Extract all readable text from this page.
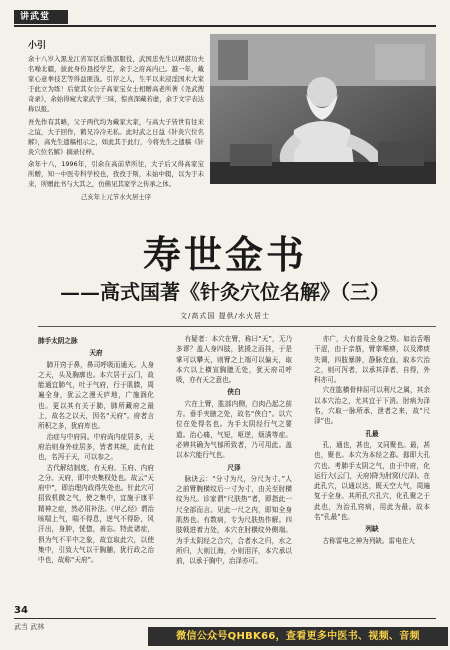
讲武堂
小引

余十八岁入黑龙江省军区后勤部服役，武国忠先生以精湛功夫名噪北疆，拔此身份恳授学艺，余于之府高内已。越一年，戴家心意拳技艺等得益匪浅。引荐之人，生平以来浸淫国术大家于此立为练！后蒙其女公子高家宝女士相赠高老所著《尧武搜奇录》，余始得窥大家武学三昧，惊喜深藏若虚，余于文字表达称以报。

吾先作有其略，父子两代均为藏家大家，与高大子皆世有往来之谊，大子回作，鹤兄冷冷无私。此时武之日益《针灸穴位名解》，高先生遗稿相示之，如此其于此行，今将先生之遗稿《针灸穴位名解》摘录付梓。

余年十八，1996年，引余在高前辈所往，大子后又得高家宝所赠，知一中医专科学校也，孜孜于斯，未始中辍，以为于未来，所赠此书与大其之，仿佛见其家学之传承之体。

己亥年上元节水火居士序

寿世金书
——高式国著《针灸穴位名解》（三）
文/高式国 提供/水火居士

肺手太阴之脉

天府

肺开窍于鼻，鼻司呼吸而通天。人身之天，头及胸廓也。本穴居于云门，故能通宜肺气，吐于气府，行于肌腠，周遍全身，犹云之漫天庐地，广施润化也。更以其有关于肺，肺所藏府之最上，故名之以天，因名“天府”。府者言所积之多，犹府库也。

治症与中府同。中府尚内症居多，天府治则身外症居多，皆者其统，此有此也，名泻于天，可以参之。

古代解结制度，有天府、玉府、内府之分。天府，即中央集权处也。故云“天府中”，即治理内政得失处也。针此穴可招致机微之气，使之集中，宜施于康平精神之症，然必用补法。《甲乙经》谓治咳喘上气，喘不得息，逆气不得卧，风汗出，身肿，恍惚，善忘。特此诸症，俱为气不平中之象，故宜取此穴，以使集中，引致大气以干胸脯，犹行政之治中也，故称“天府”。

有疑者：本穴在臂，称曰“天”，无乃多谬？盖人身四肢，犹援之而挂，于是掌可以攀天，则臂之上端可以偏天，取本穴以上横宣胸臆无处，犹天府司呼吸，亦有天之意也。

侠白

穴在上臂，肱部内侧，白肉凸起之前方。垂手夹腋之处，故名“侠白”。以穴位在处得名也。为手太阴经行气之要道。治心痛，气短，呕逆，烦满等症。必辨其确为气郁所致者，乃可用此。盖以本穴能行气也。

尺泽

脉诀云：“分寸为尺，分尺为寸。”人之前臂腕横纹后一寸为寸，由关至肘横纹为尺。诊家谓“尺肤热”者，即指此一尺全部而言。见此一尺之内，即知全身肌热也。有数病，专为尺肤热作解。四肢戟进着力处，本穴在肘横纹外侧端。为手太阴经之合穴，合者水之归，水之所归，大则江海，小则泪洋，本穴承以前，以承于胸中，治泽亦可。

亦广，大有普及全身之势。如治舌咽干涩，由于亲筋，臂挛喉痹，以及滞痰失调，四肢暴肿，静脉充血，取本穴治之，则可泻者，以承其泽者，自得，外科亦可。

穴在肱横骨伸屈可以利尺之属，其余以本穴治之，尤其宜于下消。肘病为泽名，穴取一脉所承，泄者之来，故“尺泽”也。

孔最

孔，通也，甚也，又同聚也。最，甚也，聚也。本穴为本经之郄。郄即大孔穴也。考肺手太阴之气，由于中府，化运行大(云门，天府)降为肘窝(尺泽)。在此孔穴，以通以达，既天空大气，周遍复于全身。其所孔穴孔穴，化孔聚之于此也，为治孔窍病，用此为最。故本名“孔最”也。

列缺

古称雷电之神为列缺。雷电在大

34
武当 武林
微信公众号QHBK66，查看更多中医书、视频、音频
